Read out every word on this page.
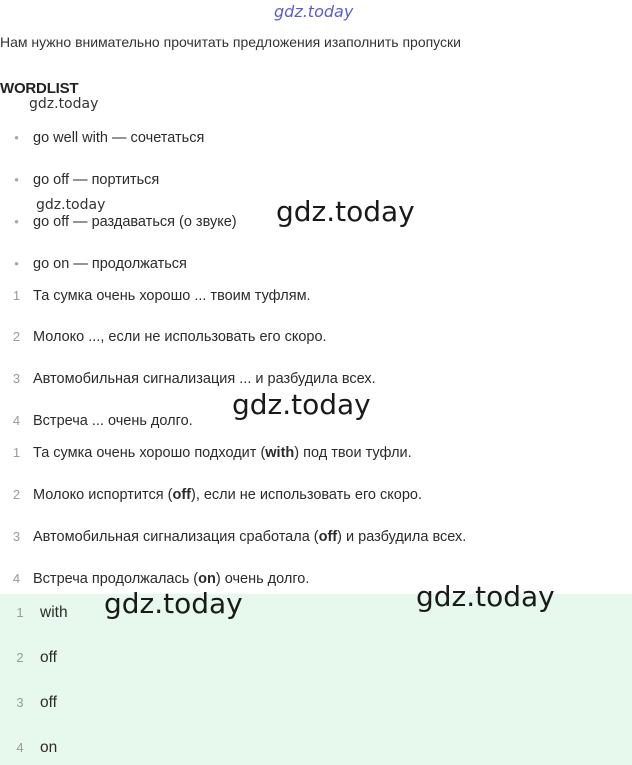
gdz.today
gdz.today
gdz.today
Нам нужно внимательно прочитать предложения изаполнить пропуски
WORDLIST
• go well with — сочетаться
• go off — портиться
• go off — раздаваться (о звуке)
• go on — продолжаться
gdz.today
1 Та сумка очень хорошо ... твоим туфлям.
2 Молоко ..., если не использовать его скоро.
3 Автомобильная сигнализация ... и разбудила всех.
4 Встреча ... очень долго. gdz.today
1 Та сумка очень хорошо подходит (with) под твои туфли.
2 Молоко испортится (off), если не использовать его скоро.
3 Автомобильная сигнализация сработала (off) и разбудила всех.
4 Встреча продолжалась (on) очень долго.
1	with
2	off
3	off
4	on
gdz.today	gdz.today
